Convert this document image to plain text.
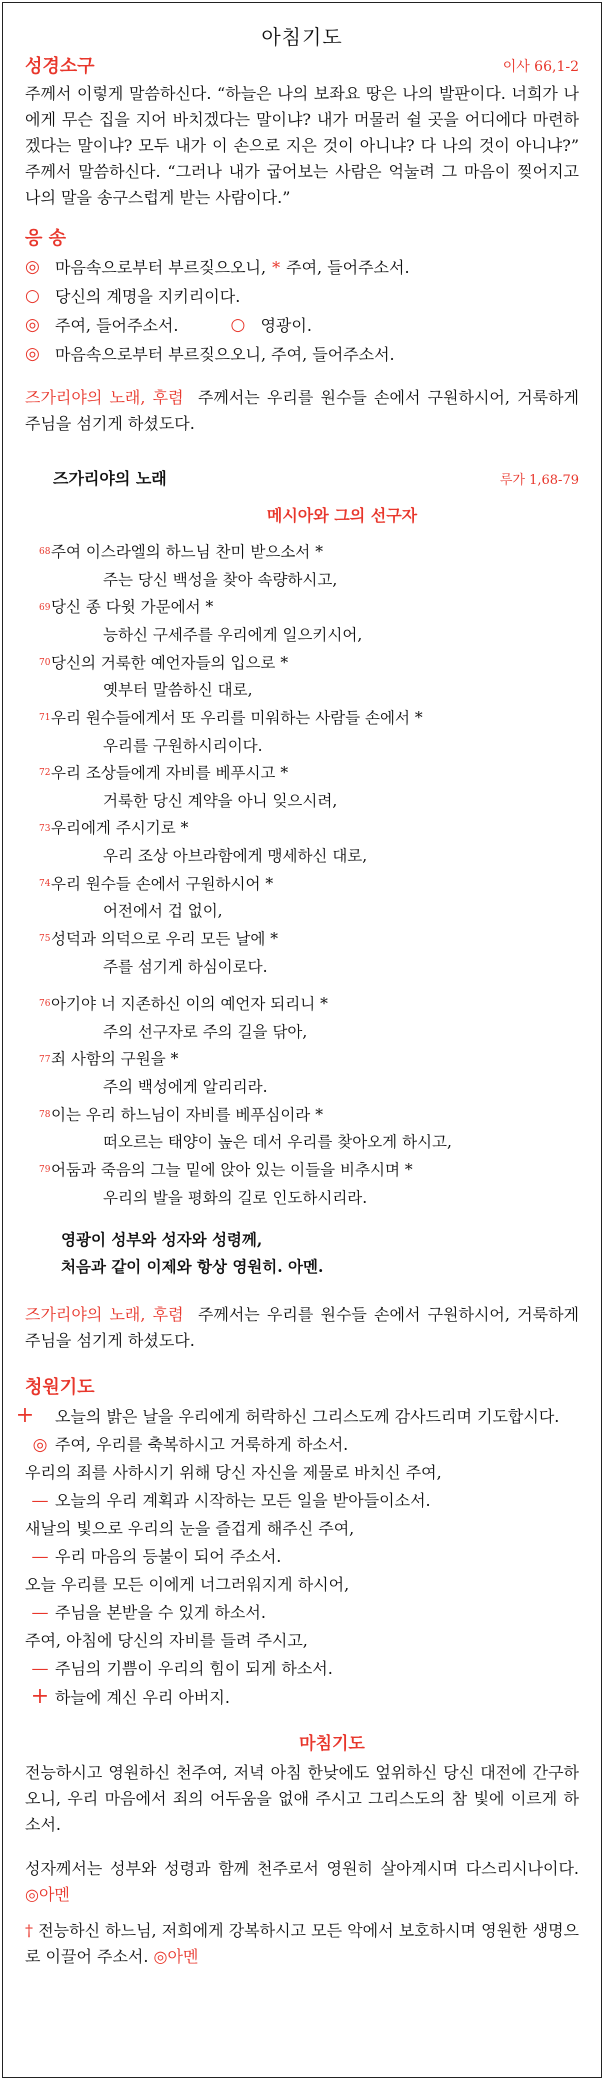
아침기도
성경소구	이사 66,1-2
주께서 이렇게 말씀하신다. “하늘은 나의 보좌요 땅은 나의 발판이다. 너희가 나에게 무슨 집을 지어 바치겠다는 말이냐? 내가 머물러 쉴 곳을 어디에다 마련하겠다는 말이냐? 모두 내가 이 손으로 지은 것이 아니냐? 다 나의 것이 아니냐?” 주께서 말씀하신다. “그러나 내가 굽어보는 사람은 억눌려 그 마음이 찢어지고 나의 말을 송구스럽게 받는 사람이다.”
응 송
◎ 마음속으로부터 부르짖으오니, * 주여, 들어주소서.
○ 당신의 계명을 지키리이다.
◎ 주여, 들어주소서.	○ 영광이.
◎ 마음속으로부터 부르짖으오니, 주여, 들어주소서.
즈가리야의 노래, 후렴 주께서는 우리를 원수들 손에서 구원하시어, 거룩하게 주님을 섬기게 하셨도다.
즈가리야의 노래	루가 1,68-79
메시아와 그의 선구자
68주여 이스라엘의 하느님 찬미 받으소서 *
주는 당신 백성을 찾아 속량하시고,
69당신 종 다윗 가문에서 *
능하신 구세주를 우리에게 일으키시어,
70당신의 거룩한 예언자들의 입으로 *
옛부터 말씀하신 대로,
71우리 원수들에게서 또 우리를 미워하는 사람들 손에서 *
우리를 구원하시리이다.
72우리 조상들에게 자비를 베푸시고 *
거룩한 당신 계약을 아니 잊으시려,
73우리에게 주시기로 *
우리 조상 아브라함에게 맹세하신 대로,
74우리 원수들 손에서 구원하시어 *
어전에서 겁 없이,
75성덕과 의덕으로 우리 모든 날에 *
주를 섬기게 하심이로다.
76아기야 너 지존하신 이의 예언자 되리니 *
주의 선구자로 주의 길을 닦아,
77죄 사함의 구원을 *
주의 백성에게 알리리라.
78이는 우리 하느님이 자비를 베푸심이라 *
떠오르는 태양이 높은 데서 우리를 찾아오게 하시고,
79어둠과 죽음의 그늘 밑에 앉아 있는 이들을 비추시며 *
우리의 발을 평화의 길로 인도하시리라.
영광이 성부와 성자와 성령께,
처음과 같이 이제와 항상 영원히. 아멘.
즈가리야의 노래, 후렴 주께서는 우리를 원수들 손에서 구원하시어, 거룩하게 주님을 섬기게 하셨도다.
청원기도
+ 오늘의 밝은 날을 우리에게 허락하신 그리스도께 감사드리며 기도합시다.
◎ 주여, 우리를 축복하시고 거룩하게 하소서.
우리의 죄를 사하시기 위해 당신 자신을 제물로 바치신 주여,
— 오늘의 우리 계획과 시작하는 모든 일을 받아들이소서.
새날의 빛으로 우리의 눈을 즐겁게 해주신 주여,
— 우리 마음의 등불이 되어 주소서.
오늘 우리를 모든 이에게 너그러워지게 하시어,
— 주님을 본받을 수 있게 하소서.
주여, 아침에 당신의 자비를 들려 주시고,
— 주님의 기쁨이 우리의 힘이 되게 하소서.
+ 하늘에 계신 우리 아버지.
마침기도
전능하시고 영원하신 천주여, 저녁 아침 한낮에도 엎위하신 당신 대전에 간구하오니, 우리 마음에서 죄의 어두움을 없애 주시고 그리스도의 참 빛에 이르게 하소서.
성자께서는 성부와 성령과 함께 천주로서 영원히 살아계시며 다스리시나이다. ◎아멘
† 전능하신 하느님, 저희에게 강복하시고 모든 악에서 보호하시며 영원한 생명으로 이끌어 주소서. ◎아멘
